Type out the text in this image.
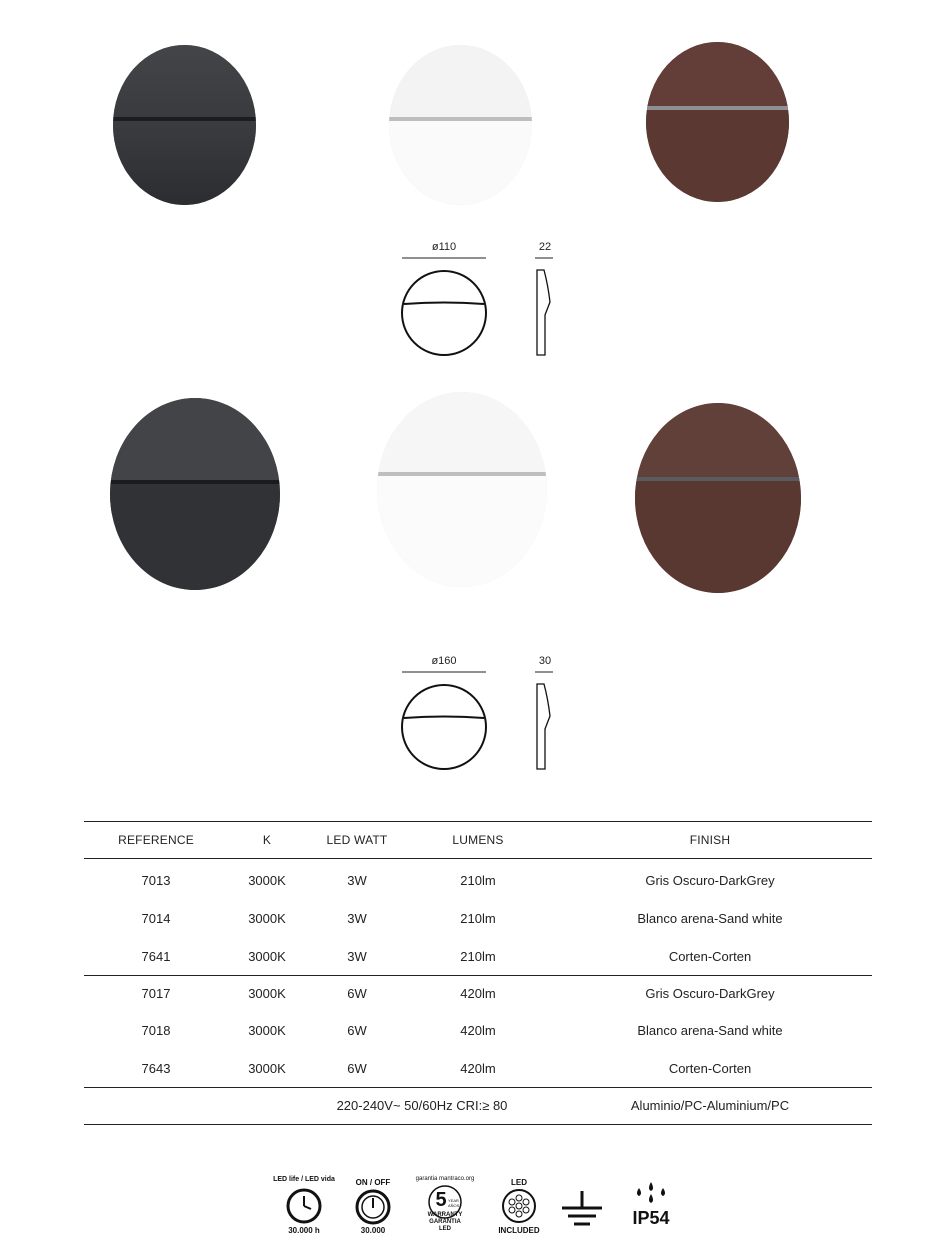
ø110	22
ø160	30
REFERENCE	K	LED WATT	LUMENS	FINISH
7013	3000K	3W	210lm	Gris Oscuro-DarkGrey
7014	3000K	3W	210lm	Blanco arena-Sand white
7641	3000K	3W	210lm	Corten-Corten
7017	3000K	6W	420lm	Gris Oscuro-DarkGrey
7018	3000K	6W	420lm	Blanco arena-Sand white
7643	3000K	6W	420lm	Corten-Corten
220-240V~ 50/60Hz CRI:≥ 80	Aluminio/PC-Aluminium/PC
LED life / LED vida
30.000 h
ON / OFF
30.000
garantia mantraco.org
5 YEAR AÑOS
WARRANTY
GARANTIA
LED
LED
INCLUDED
IP54
